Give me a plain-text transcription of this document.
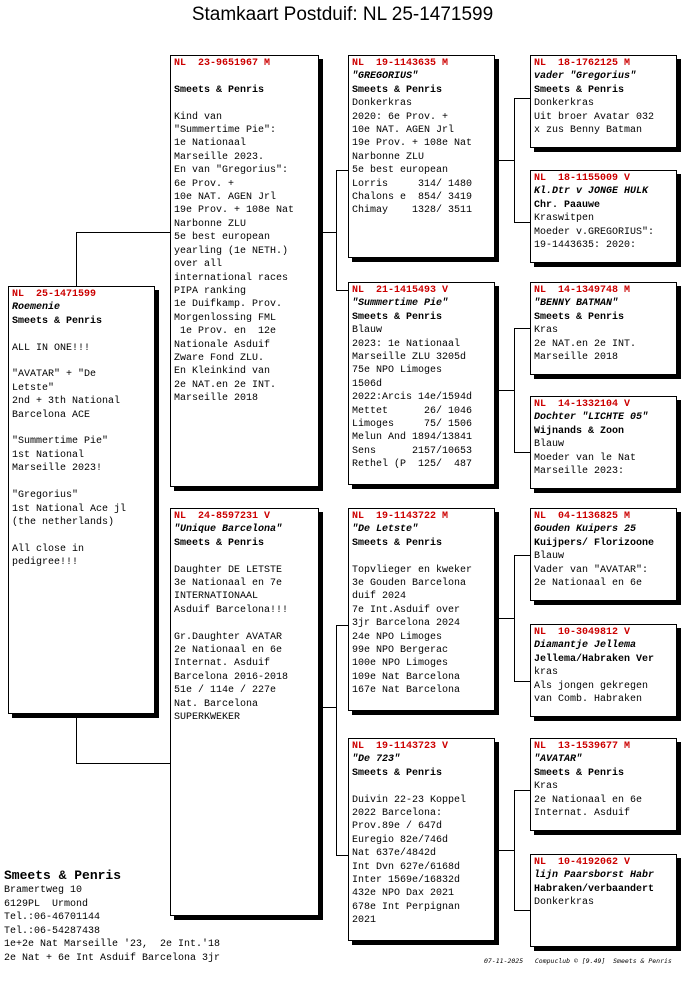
Stamkaart Postduif: NL 25-1471599
NL  25-1471599
Roemenie
Smeets & Penris

ALL IN ONE!!!

"AVATAR" + "De
Letste"
2nd + 3th National
Barcelona ACE

"Summertime Pie"
1st National
Marseille 2023!

"Gregorius"
1st National Ace jl
(the netherlands)

All close in
pedigree!!!
NL  23-9651967 M

Smeets & Penris

Kind van
"Summertime Pie":
1e Nationaal
Marseille 2023.
En van "Gregorius":
6e Prov. +
10e NAT. AGEN Jrl
19e Prov. + 108e Nat
Narbonne ZLU
5e best european
yearling (1e NETH.)
over all
international races
PIPA ranking
1e Duifkamp. Prov.
Morgenlossing FML
1e Prov. en  12e
Nationale Asduif
Zware Fond ZLU.
En Kleinkind van
2e NAT.en 2e INT.
Marseille 2018
NL  24-8597231 V
"Unique Barcelona"
Smeets & Penris

Daughter DE LETSTE
3e Nationaal en 7e
INTERNATIONAAL
Asduif Barcelona!!!

Gr.Daughter AVATAR
2e Nationaal en 6e
Internat. Asduif
Barcelona 2016-2018
51e / 114e / 227e
Nat. Barcelona
SUPERKWEKER
NL  19-1143635 M
"GREGORIUS"
Smeets & Penris
Donkerkras
2020: 6e Prov. +
10e NAT. AGEN Jrl
19e Prov. + 108e Nat
Narbonne ZLU
5e best european
Lorris     314/ 1480
Chalons e  854/ 3419
Chimay    1328/ 3511
NL  21-1415493 V
"Summertime Pie"
Smeets & Penris
Blauw
2023: 1e Nationaal
Marseille ZLU 3205d
75e NPO Limoges
1506d
2022:Arcis 14e/1594d
Mettet      26/ 1046
Limoges     75/ 1506
Melun And 1894/13841
Sens      2157/10653
Rethel (P  125/  487
NL  19-1143722 M
"De Letste"
Smeets & Penris

Topvlieger en kweker
3e Gouden Barcelona
duif 2024
7e Int.Asduif over
3jr Barcelona 2024
24e NPO Limoges
99e NPO Bergerac
100e NPO Limoges
109e Nat Barcelona
167e Nat Barcelona
NL  19-1143723 V
"De 723"
Smeets & Penris

Duivin 22-23 Koppel
2022 Barcelona:
Prov.89e / 647d
Euregio 82e/746d
Nat 637e/4842d
Int Dvn 627e/6168d
Inter 1569e/16832d
432e NPO Dax 2021
678e Int Perpignan
2021
NL  18-1762125 M
vader "Gregorius"
Smeets & Penris
Donkerkras
Uit broer Avatar 032
x zus Benny Batman
NL  18-1155009 V
Kl.Dtr v JONGE HULK
Chr. Paauwe
Kraswitpen
Moeder v.GREGORIUS":
19-1443635: 2020:
NL  14-1349748 M
"BENNY BATMAN"
Smeets & Penris
Kras
2e NAT.en 2e INT.
Marseille 2018
NL  14-1332104 V
Dochter "LICHTE 05"
Wijnands & Zoon
Blauw
Moeder van le Nat
Marseille 2023:
NL  04-1136825 M
Gouden Kuipers 25
Kuijpers/ Florizoone
Blauw
Vader van "AVATAR":
2e Nationaal en 6e
NL  10-3049812 V
Diamantje Jellema
Jellema/Habraken Ver
kras
Als jongen gekregen
van Comb. Habraken
NL  13-1539677 M
"AVATAR"
Smeets & Penris
Kras
2e Nationaal en 6e
Internat. Asduif
NL  10-4192062 V
lijn Paarsborst Habr
Habraken/verbaandert
Donkerkras
Smeets & Penris
Bramertweg 10
6129PL  Urmond
Tel.:06-46701144
Tel.:06-54287438
1e+2e Nat Marseille '23,  2e Int.'18
2e Nat + 6e Int Asduif Barcelona 3jr	07-11-2025   Compuclub © [9.49]  Smeets & Penris
